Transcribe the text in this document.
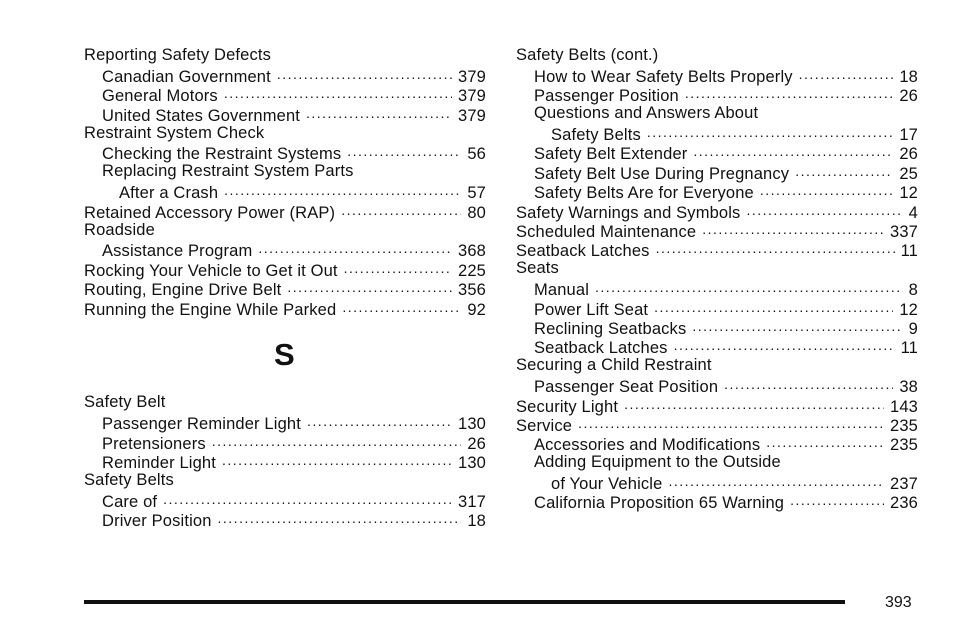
Reporting Safety Defects
Canadian Government . . .	379
General Motors . . .	379
United States Government . . .	379
Restraint System Check
Checking the Restraint Systems . . .	56
Replacing Restraint System Parts
After a Crash . . .	57
Retained Accessory Power (RAP) . . .	80
Roadside
Assistance Program . . .	368
Rocking Your Vehicle to Get it Out . . .	225
Routing, Engine Drive Belt . . .	356
Running the Engine While Parked . . .	92
S
Safety Belt
Passenger Reminder Light . . .	130
Pretensioners . . .	26
Reminder Light . . .	130
Safety Belts
Care of . . .	317
Driver Position . . .	18
Safety Belts (cont.)
How to Wear Safety Belts Properly . . .	18
Passenger Position . . .	26
Questions and Answers About
Safety Belts . . .	17
Safety Belt Extender . . .	26
Safety Belt Use During Pregnancy . . .	25
Safety Belts Are for Everyone . . .	12
Safety Warnings and Symbols . . .	4
Scheduled Maintenance . . .	337
Seatback Latches . . .	11
Seats
Manual . . .	8
Power Lift Seat . . .	12
Reclining Seatbacks . . .	9
Seatback Latches . . .	11
Securing a Child Restraint
Passenger Seat Position . . .	38
Security Light . . .	143
Service . . .	235
Accessories and Modifications . . .	235
Adding Equipment to the Outside
of Your Vehicle . . .	237
California Proposition 65 Warning . . .	236
393
